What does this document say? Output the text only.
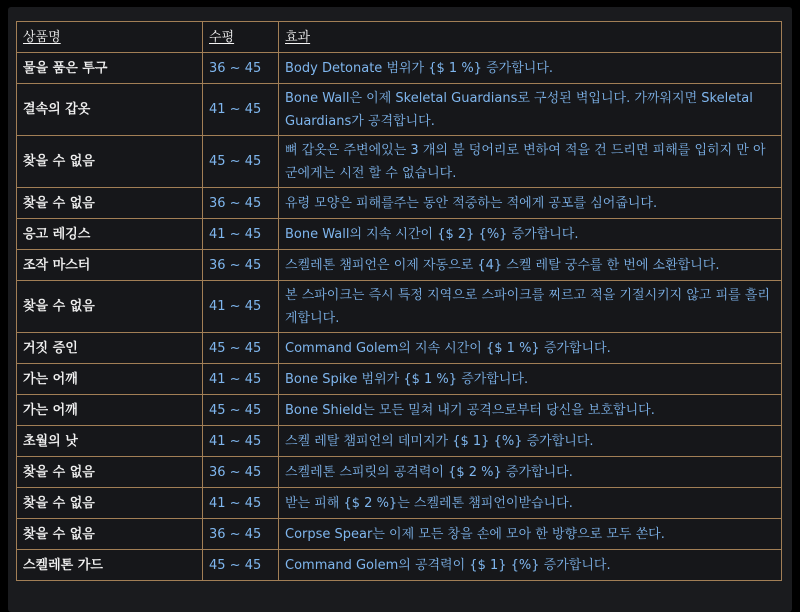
상품명	수평	효과
물을 품은 투구	36 ~ 45	Body Detonate 범위가 {$ 1 %} 증가합니다.
결속의 갑옷	41 ~ 45	Bone Wall은 이제 Skeletal Guardians로 구성된 벽입니다. 가까워지면 Skeletal Guardians가 공격합니다.
찾을 수 없음	45 ~ 45	뼈 갑옷은 주변에있는 3 개의 불 덩어리로 변하여 적을 건 드리면 피해를 입히지 만 아군에게는 시전 할 수 없습니다.
찾을 수 없음	36 ~ 45	유령 모양은 피해를주는 동안 적중하는 적에게 공포를 심어줍니다.
응고 레깅스	41 ~ 45	Bone Wall의 지속 시간이 {$ 2} {%} 증가합니다.
조작 마스터	36 ~ 45	스켈레톤 챔피언은 이제 자동으로 {4} 스켈 레탈 궁수를 한 번에 소환합니다.
찾을 수 없음	41 ~ 45	본 스파이크는 즉시 특정 지역으로 스파이크를 찌르고 적을 기절시키지 않고 피를 흘리게합니다.
거짓 증인	45 ~ 45	Command Golem의 지속 시간이 {$ 1 %} 증가합니다.
가는 어깨	41 ~ 45	Bone Spike 범위가 {$ 1 %} 증가합니다.
가는 어깨	45 ~ 45	Bone Shield는 모든 밀쳐 내기 공격으로부터 당신을 보호합니다.
초월의 낫	41 ~ 45	스켈 레탈 챔피언의 데미지가 {$ 1} {%} 증가합니다.
찾을 수 없음	36 ~ 45	스켈레톤 스피릿의 공격력이 {$ 2 %} 증가합니다.
찾을 수 없음	41 ~ 45	받는 피해 {$ 2 %}는 스켈레톤 챔피언이받습니다.
찾을 수 없음	36 ~ 45	Corpse Spear는 이제 모든 창을 손에 모아 한 방향으로 모두 쏜다.
스켈레톤 가드	45 ~ 45	Command Golem의 공격력이 {$ 1} {%} 증가합니다.
